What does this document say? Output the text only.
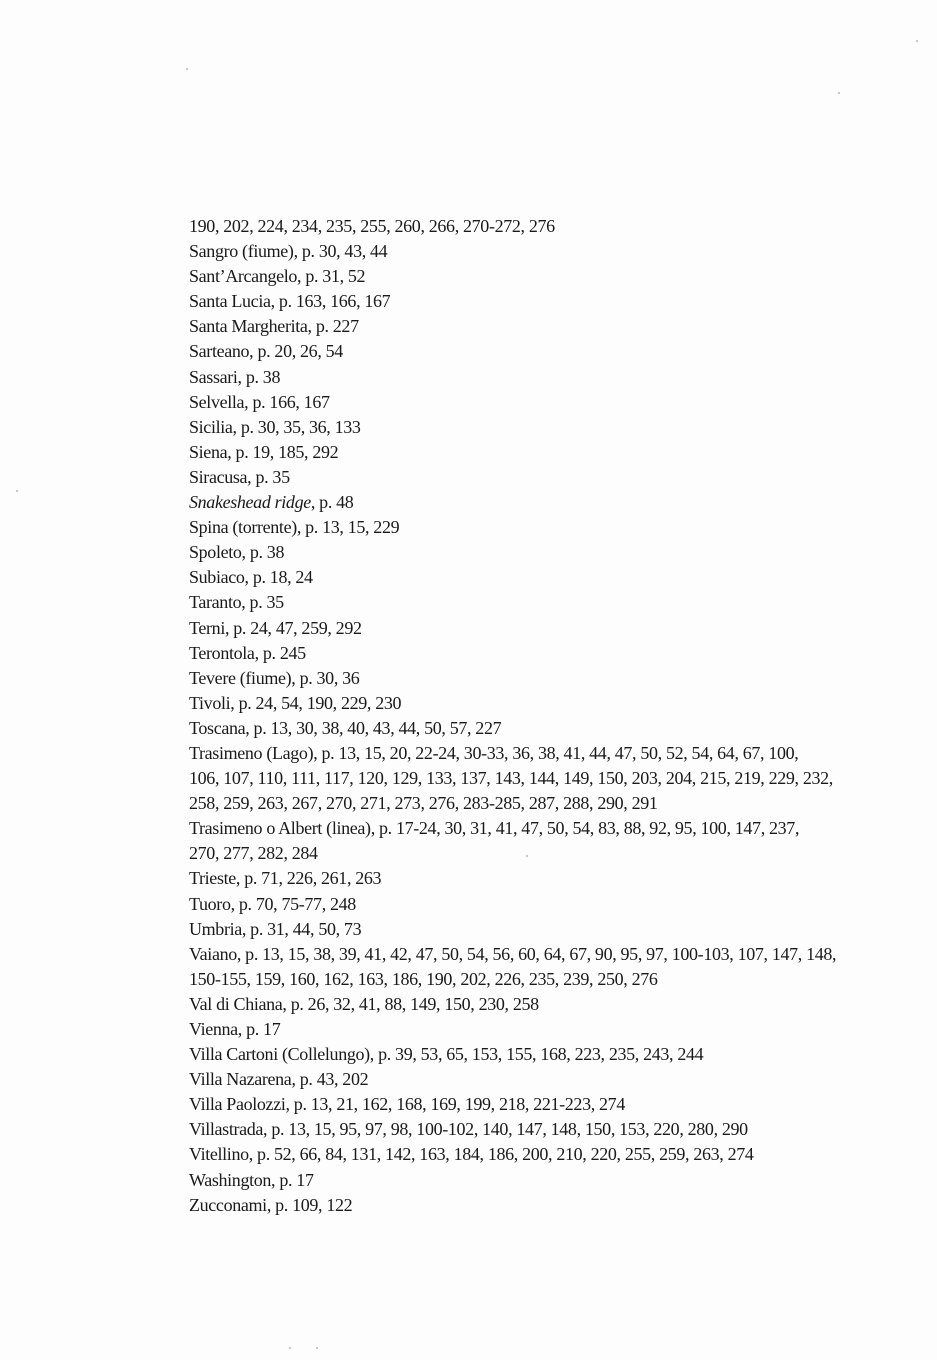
190, 202, 224, 234, 235, 255, 260, 266, 270-272, 276
Sangro (fiume), p. 30, 43, 44
Sant’Arcangelo, p. 31, 52
Santa Lucia, p. 163, 166, 167
Santa Margherita, p. 227
Sarteano, p. 20, 26, 54
Sassari, p. 38
Selvella, p. 166, 167
Sicilia, p. 30, 35, 36, 133
Siena, p. 19, 185, 292
Siracusa, p. 35
Snakeshead ridge, p. 48
Spina (torrente), p. 13, 15, 229
Spoleto, p. 38
Subiaco, p. 18, 24
Taranto, p. 35
Terni, p. 24, 47, 259, 292
Terontola, p. 245
Tevere (fiume), p. 30, 36
Tivoli, p. 24, 54, 190, 229, 230
Toscana, p. 13, 30, 38, 40, 43, 44, 50, 57, 227
Trasimeno (Lago), p. 13, 15, 20, 22-24, 30-33, 36, 38, 41, 44, 47, 50, 52, 54, 64, 67, 100,
106, 107, 110, 111, 117, 120, 129, 133, 137, 143, 144, 149, 150, 203, 204, 215, 219, 229, 232,
258, 259, 263, 267, 270, 271, 273, 276, 283-285, 287, 288, 290, 291
Trasimeno o Albert (linea), p. 17-24, 30, 31, 41, 47, 50, 54, 83, 88, 92, 95, 100, 147, 237,
270, 277, 282, 284
Trieste, p. 71, 226, 261, 263
Tuoro, p. 70, 75-77, 248
Umbria, p. 31, 44, 50, 73
Vaiano, p. 13, 15, 38, 39, 41, 42, 47, 50, 54, 56, 60, 64, 67, 90, 95, 97, 100-103, 107, 147, 148,
150-155, 159, 160, 162, 163, 186, 190, 202, 226, 235, 239, 250, 276
Val di Chiana, p. 26, 32, 41, 88, 149, 150, 230, 258
Vienna, p. 17
Villa Cartoni (Collelungo), p. 39, 53, 65, 153, 155, 168, 223, 235, 243, 244
Villa Nazarena, p. 43, 202
Villa Paolozzi, p. 13, 21, 162, 168, 169, 199, 218, 221-223, 274
Villastrada, p. 13, 15, 95, 97, 98, 100-102, 140, 147, 148, 150, 153, 220, 280, 290
Vitellino, p. 52, 66, 84, 131, 142, 163, 184, 186, 200, 210, 220, 255, 259, 263, 274
Washington, p. 17
Zucconami, p. 109, 122
